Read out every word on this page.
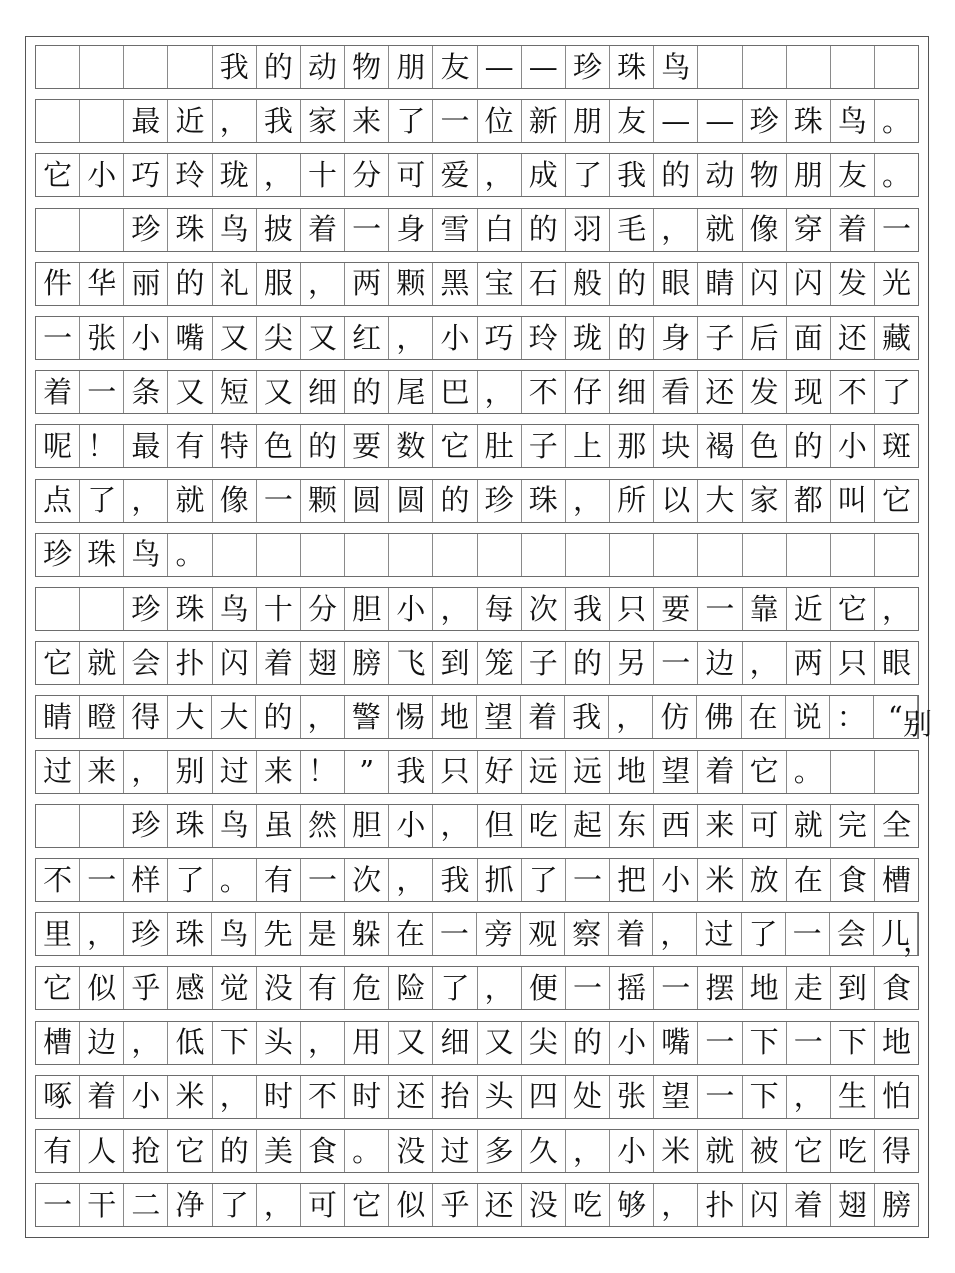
我 的 动 物 朋 友 — — 珍 珠 鸟
最 近 ， 我 家 来 了 一 位 新 朋 友 — — 珍 珠 鸟 。
它 小 巧 玲 珑 ， 十 分 可 爱 ， 成 了 我 的 动 物 朋 友 。
珍 珠 鸟 披 着 一 身 雪 白 的 羽 毛 ， 就 像 穿 着 一
件 华 丽 的 礼 服 ， 两 颗 黑 宝 石 般 的 眼 睛 闪 闪 发 光
一 张 小 嘴 又 尖 又 红 ， 小 巧 玲 珑 的 身 子 后 面 还 藏
着 一 条 又 短 又 细 的 尾 巴 ， 不 仔 细 看 还 发 现 不 了
呢 ！ 最 有 特 色 的 要 数 它 肚 子 上 那 块 褐 色 的 小 斑
点 了 ， 就 像 一 颗 圆 圆 的 珍 珠 ， 所 以 大 家 都 叫 它
珍 珠 鸟 。
珍 珠 鸟 十 分 胆 小 ， 每 次 我 只 要 一 靠 近 它 ，
它 就 会 扑 闪 着 翅 膀 飞 到 笼 子 的 另 一 边 ， 两 只 眼
睛 瞪 得 大 大 的 ， 警 惕 地 望 着 我 ， 仿 佛 在 说 ： “ 别
过 来 ， 别 过 来 ！ ” 我 只 好 远 远 地 望 着 它 。
珍 珠 鸟 虽 然 胆 小 ， 但 吃 起 东 西 来 可 就 完 全
不 一 样 了 。 有 一 次 ， 我 抓 了 一 把 小 米 放 在 食 槽
里 ， 珍 珠 鸟 先 是 躲 在 一 旁 观 察 着 ， 过 了 一 会 儿
，
它 似 乎 感 觉 没 有 危 险 了 ， 便 一 摇 一 摆 地 走 到 食
槽 边 ， 低 下 头 ， 用 又 细 又 尖 的 小 嘴 一 下 一 下 地
啄 着 小 米 ， 时 不 时 还 抬 头 四 处 张 望 一 下 ， 生 怕
有 人 抢 它 的 美 食 。 没 过 多 久 ， 小 米 就 被 它 吃 得
一 干 二 净 了 ， 可 它 似 乎 还 没 吃 够 ， 扑 闪 着 翅 膀
